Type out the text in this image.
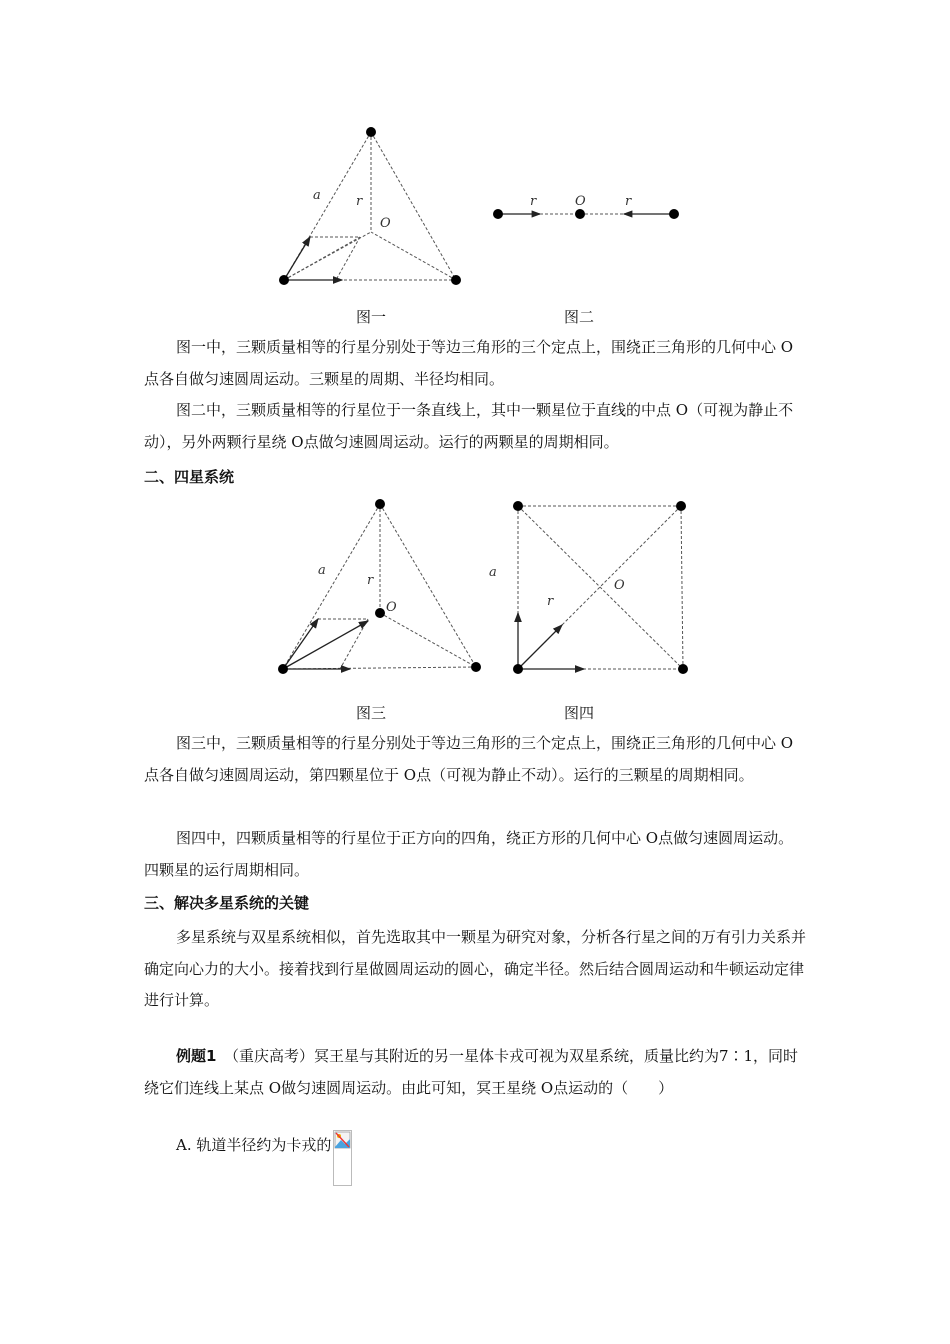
a	r
O
r	O	r
图一	图二

图一中，三颗质量相等的行星分别处于等边三角形的三个定点上，围绕正三角形的几何中心 O点各自做匀速圆周运动。三颗星的周期、半径均相同。

图二中，三颗质量相等的行星位于一条直线上，其中一颗星位于直线的中点 O（可视为静止不动），另外两颗行星绕 O点做匀速圆周运动。运行的两颗星的周期相同。

二、四星系统
a
r
O
a
r
O
图三	图四

图三中，三颗质量相等的行星分别处于等边三角形的三个定点上，围绕正三角形的几何中心 O点各自做匀速圆周运动，第四颗星位于 O点（可视为静止不动）。运行的三颗星的周期相同。

图四中，四颗质量相等的行星位于正方向的四角，绕正方形的几何中心 O点做匀速圆周运动。四颗星的运行周期相同。

三、解决多星系统的关键

多星系统与双星系统相似，首先选取其中一颗星为研究对象，分析各行星之间的万有引力关系并确定向心力的大小。接着找到行星做圆周运动的圆心，确定半径。然后结合圆周运动和牛顿运动定律进行计算。

例题1　 （重庆高考）冥王星与其附近的另一星体卡戎可视为双星系统，质量比约为7∶1，同时绕它们连线上某点 O做匀速圆周运动。由此可知，冥王星绕 O点运动的（　　）

A. 轨道半径约为卡戎的
